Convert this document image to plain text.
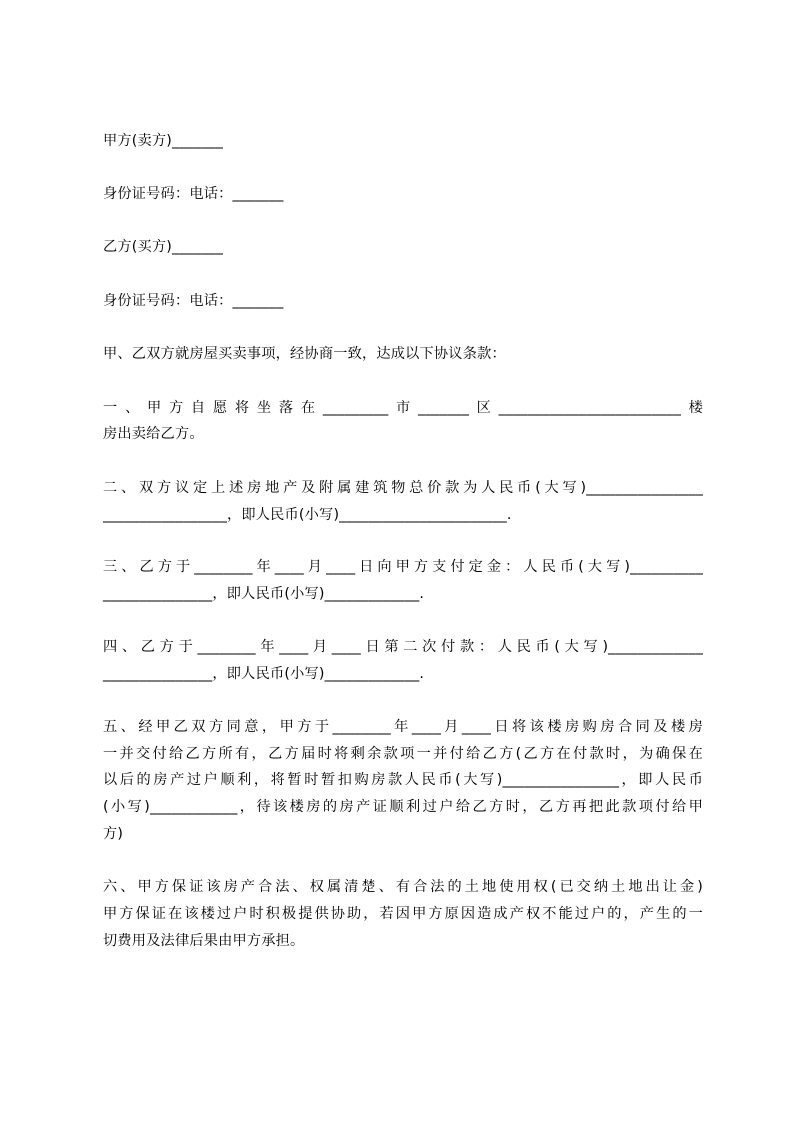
甲方(卖方)_______
身份证号码：电话：_______
乙方(买方)_______
身份证号码：电话：_______
甲、乙双方就房屋买卖事项，经协商一致，达成以下协议条款：
一、甲方自愿将坐落在_________市_______区_________________________楼
房出卖给乙方。
二、双方议定上述房地产及附属建筑物总价款为人民币(大写)________________
_________________，即人民币(小写)_______________________.
三、乙方于________年____月____日向甲方支付定金：人民币(大写)__________
_______________，即人民币(小写)_____________.
四、乙方于________年____月____日第二次付款：人民币(大写)_____________
_______________，即人民币(小写)_____________.
五、经甲乙双方同意，甲方于________年____月____日将该楼房购房合同及楼房
一并交付给乙方所有，乙方届时将剩余款项一并付给乙方(乙方在付款时，为确保在
以后的房产过户顺利，将暂时暂扣购房款人民币(大写)________________，即人民币
(小写)____________，待该楼房的房产证顺利过户给乙方时，乙方再把此款项付给甲
方)
六、甲方保证该房产合法、权属清楚、有合法的土地使用权(已交纳土地出让金)
甲方保证在该楼过户时积极提供协助，若因甲方原因造成产权不能过户的，产生的一
切费用及法律后果由甲方承担。
